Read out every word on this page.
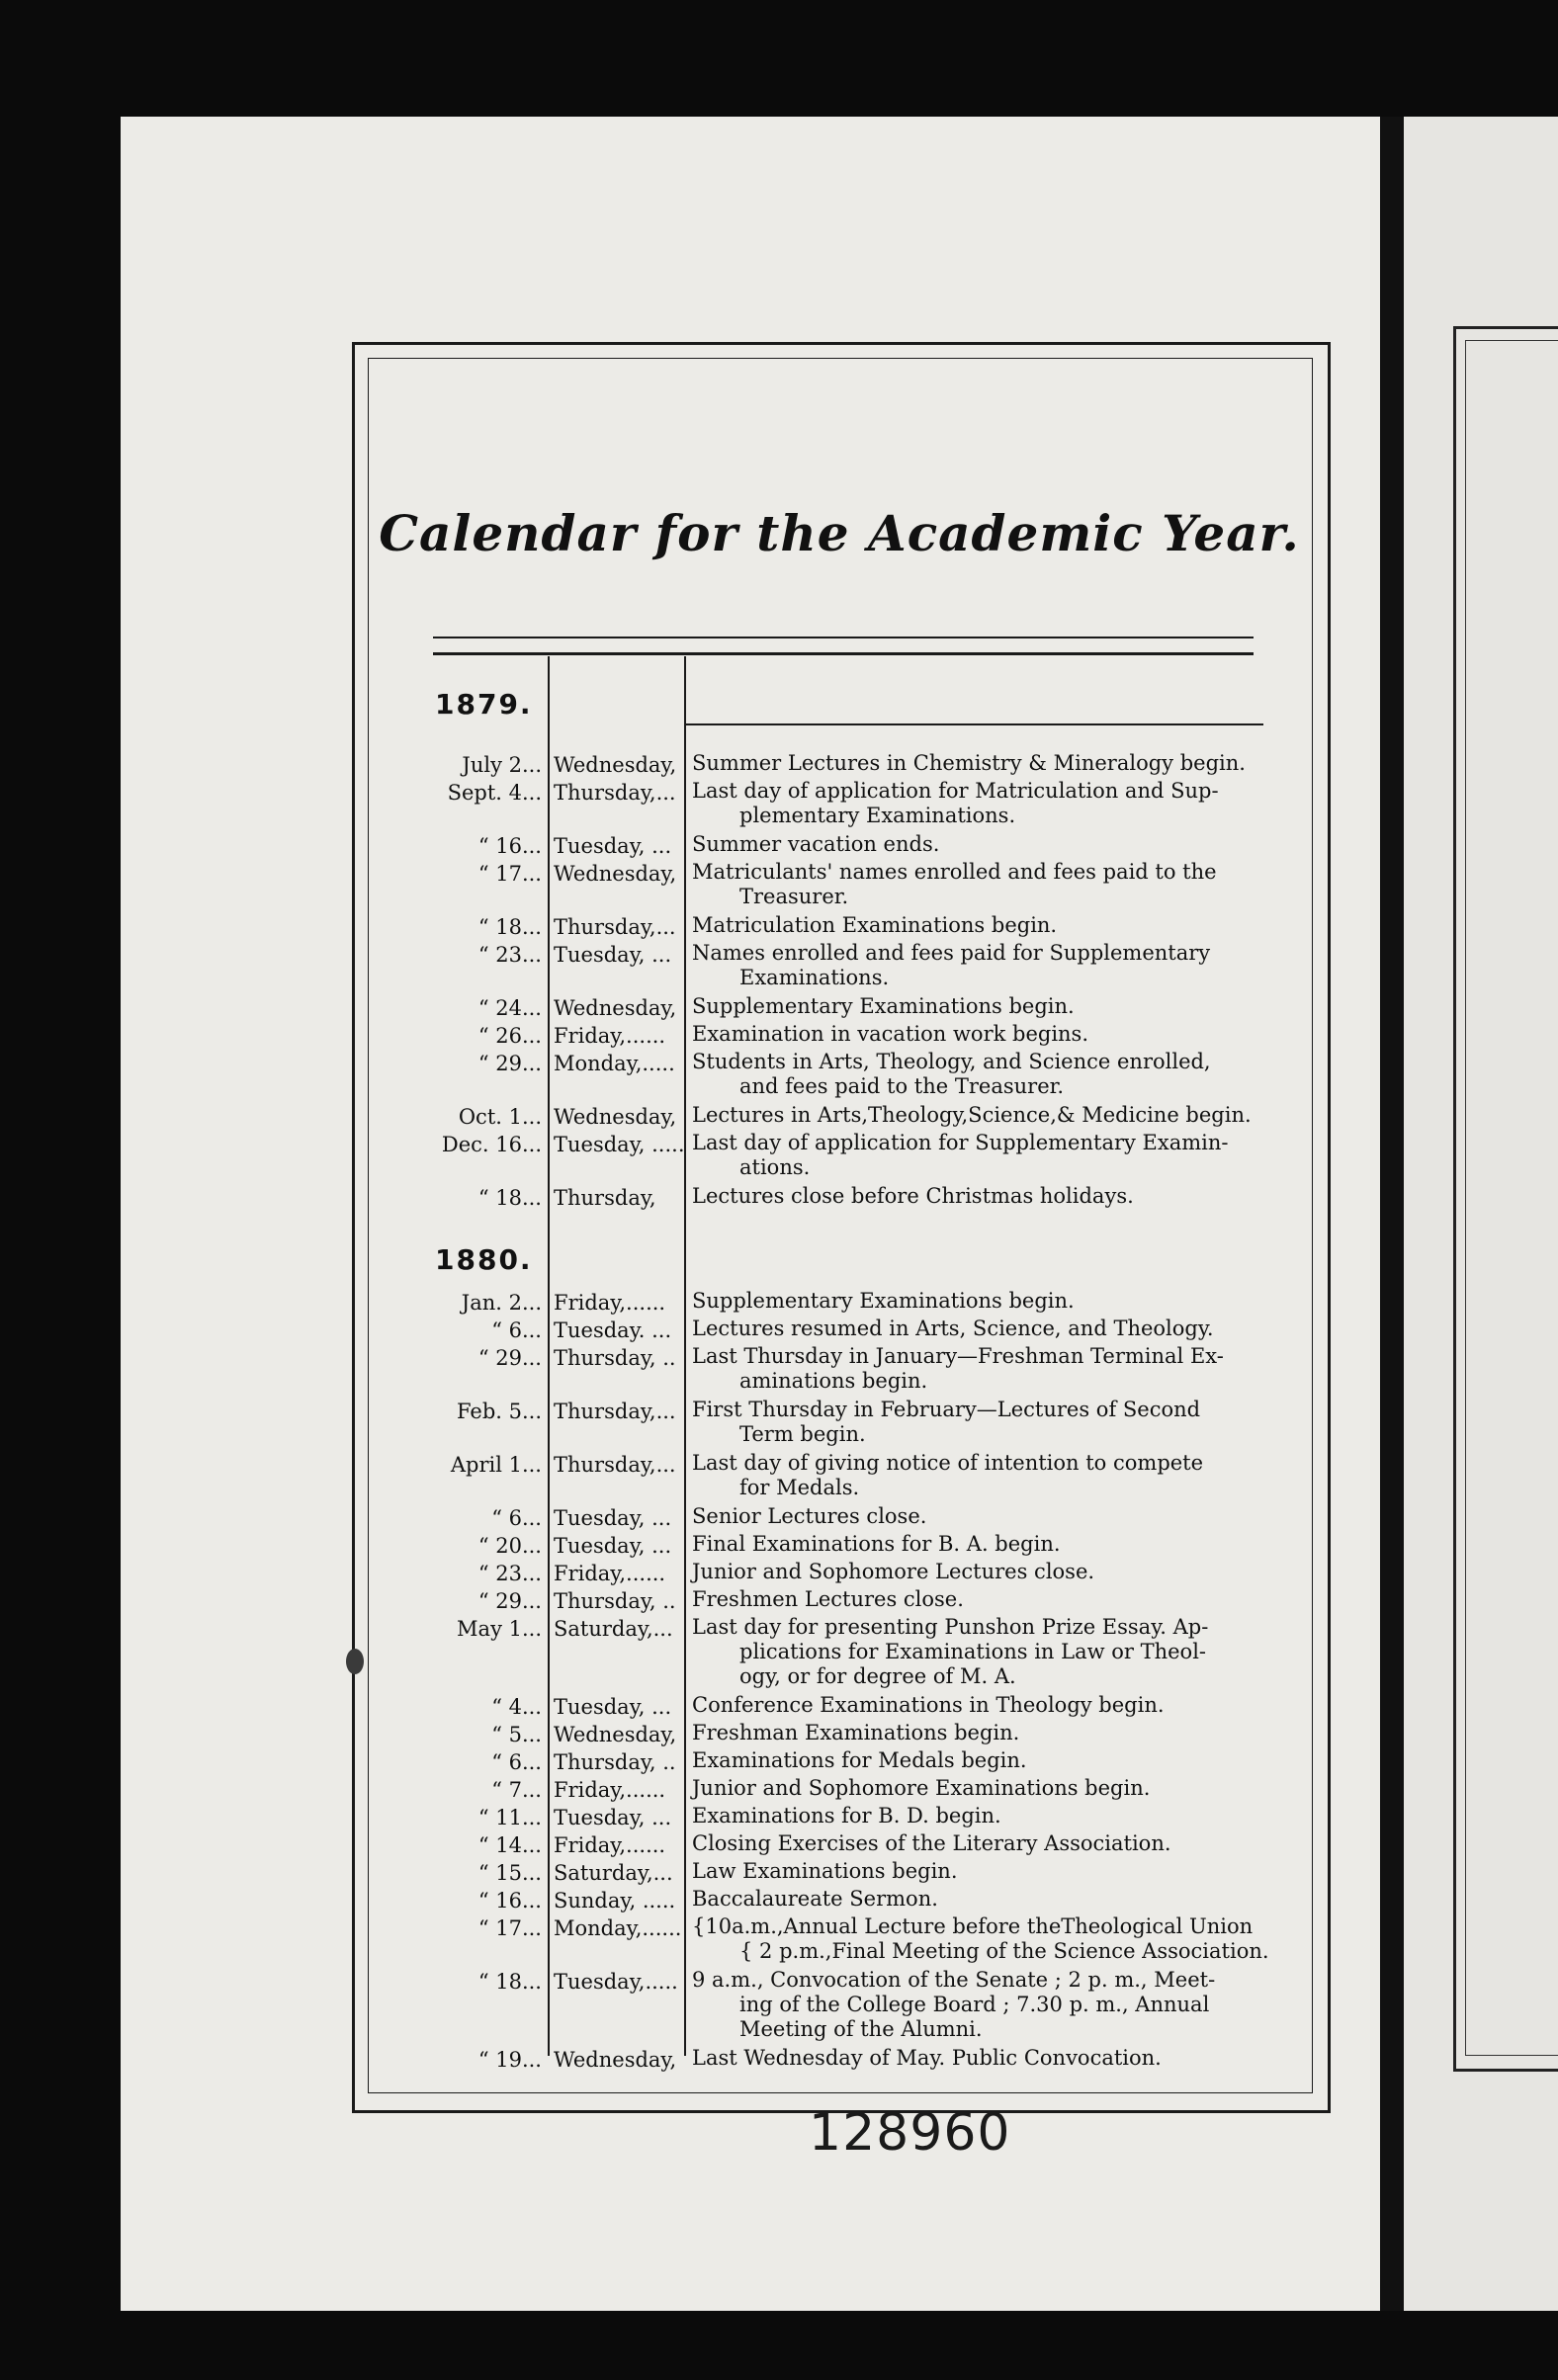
Calendar for the Academic Year.
1879.
July 2... Wednesday, Summer Lectures in Chemistry & Mineralogy begin.
Sept. 4... Thursday,... Last day of application for Matriculation and Sup-
plementary Examinations.
“ 16... Tuesday, ... Summer vacation ends.
“ 17... Wednesday, Matriculants' names enrolled and fees paid to the
Treasurer.
“ 18... Thursday,... Matriculation Examinations begin.
“ 23... Tuesday, ... Names enrolled and fees paid for Supplementary
Examinations.
“ 24... Wednesday, Supplementary Examinations begin.
“ 26... Friday,...... Examination in vacation work begins.
“ 29... Monday,..... Students in Arts, Theology, and Science enrolled,
and fees paid to the Treasurer.
Oct. 1... Wednesday, Lectures in Arts,Theology,Science,& Medicine begin.
Dec. 16... Tuesday, ..... Last day of application for Supplementary Examin-
ations.
“ 18... Thursday, Lectures close before Christmas holidays.
1880.
Jan. 2... Friday,...... Supplementary Examinations begin.
“ 6... Tuesday. ... Lectures resumed in Arts, Science, and Theology.
“ 29... Thursday, .. Last Thursday in January—Freshman Terminal Ex-
aminations begin.
Feb. 5... Thursday,... First Thursday in February—Lectures of Second
Term begin.
April 1... Thursday,... Last day of giving notice of intention to compete
for Medals.
“ 6... Tuesday, ... Senior Lectures close.
“ 20... Tuesday, ... Final Examinations for B. A. begin.
“ 23... Friday,...... Junior and Sophomore Lectures close.
“ 29... Thursday, .. Freshmen Lectures close.
May 1... Saturday,... Last day for presenting Punshon Prize Essay. Ap-
plications for Examinations in Law or Theol-
ogy, or for degree of M. A.
“ 4... Tuesday, ... Conference Examinations in Theology begin.
“ 5... Wednesday, Freshman Examinations begin.
“ 6... Thursday, .. Examinations for Medals begin.
“ 7... Friday,...... Junior and Sophomore Examinations begin.
“ 11... Tuesday, ... Examinations for B. D. begin.
“ 14... Friday,...... Closing Exercises of the Literary Association.
“ 15... Saturday,... Law Examinations begin.
“ 16... Sunday, ..... Baccalaureate Sermon.
“ 17... Monday,...... {10a.m.,Annual Lecture before theTheological Union
{ 2 p.m.,Final Meeting of the Science Association.
“ 18... Tuesday,..... 9 a.m., Convocation of the Senate ; 2 p. m., Meet-
ing of the College Board ; 7.30 p. m., Annual
Meeting of the Alumni.
“ 19... Wednesday, Last Wednesday of May. Public Convocation.
128960
